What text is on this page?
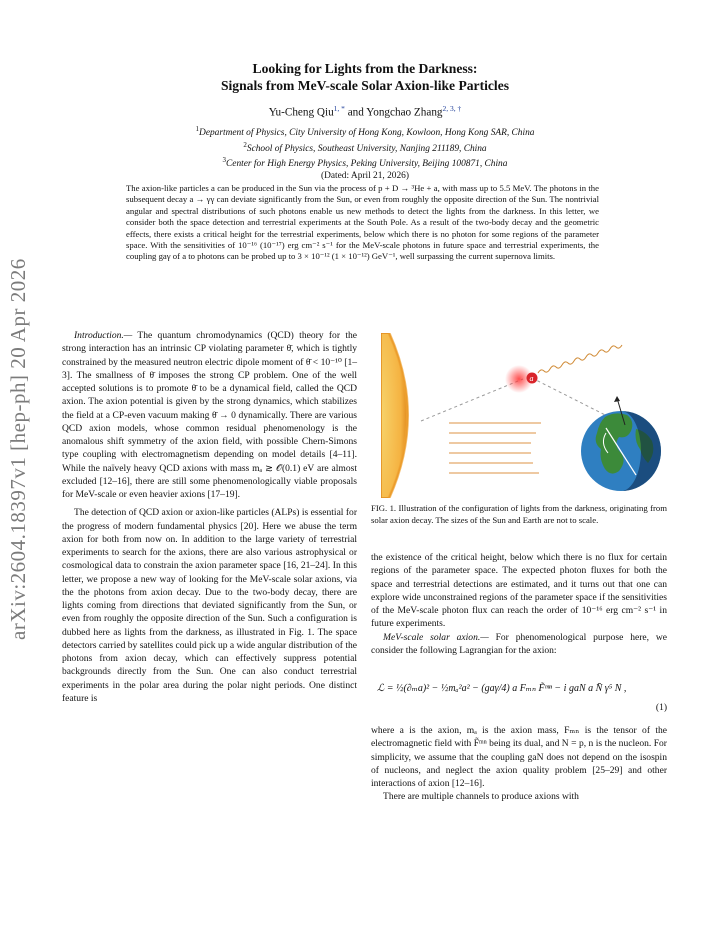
arXiv:2604.18397v1 [hep-ph] 20 Apr 2026
Looking for Lights from the Darkness:
Signals from MeV-scale Solar Axion-like Particles
Yu-Cheng Qiu$^{1, *}$ and Yongchao Zhang$^{2, 3, \dagger}$
$^1$Department of Physics, City University of Hong Kong, Kowloon, Hong Kong SAR, China
$^2$School of Physics, Southeast University, Nanjing 211189, China
$^3$Center for High Energy Physics, Peking University, Beijing 100871, China
(Dated: April 21, 2026)
The axion-like particles a can be produced in the Sun via the process of p + D → ³He + a, with mass up to 5.5 MeV. The photons in the subsequent decay a → γγ can deviate significantly from the Sun, or even from roughly the opposite direction of the Sun. The nontrivial angular and spectral distributions of such photons enable us new methods to detect the lights from the darkness. In this letter, we consider both the space detection and terrestrial experiments at the South Pole. As a result of the two-body decay and the geometric effects, there exists a critical height for the terrestrial experiments, below which there is no photon for some regions of the parameter space. With the sensitivities of 10⁻¹⁶ (10⁻¹⁷) erg cm⁻² s⁻¹ for the MeV-scale photons in future space and terrestrial experiments, the coupling gaγ of a to photons can be probed up to 3 × 10⁻¹² (1 × 10⁻¹²) GeV⁻¹, well surpassing the current supernova limits.

Introduction.— The quantum chromodynamics (QCD) theory for the strong interaction has an intrinsic CP violating parameter θ̄, which is tightly constrained by the measured neutron electric dipole moment of θ̄ < 10⁻¹⁰ [1–3]. The smallness of θ̄ imposes the strong CP problem. One of the well accepted solutions is to promote θ̄ to be a dynamical field, called the QCD axion. The axion potential is given by the strong dynamics, which stabilizes the field at a CP-even vacuum making θ̄ → 0 dynamically. There are various QCD axion models, whose common residual phenomenology is the anomalous shift symmetry of the axion field, with possible Chern-Simons type coupling with electromagnetism depending on model details [4–11]. While the naïvely heavy QCD axions with mass mₐ ≳ 𝒪(0.1) eV are almost excluded [12–16], there are still some phenomenologically viable proposals for MeV-scale or even heavier axions [17–19].

The detection of QCD axion or axion-like particles (ALPs) is essential for the progress of modern fundamental physics [20]. Here we abuse the term axion for both from now on. In addition to the large variety of terrestrial experiments to search for the axions, there are also various astrophysical or cosmological data to constrain the axion parameter space [16, 21–24]. In this letter, we propose a new way of looking for the MeV-scale solar axions, via the the photons from axion decay. Due to the two-body decay, there are lights coming from directions that deviated significantly from the Sun, or even from roughly the opposite direction of the Sun. Such a configuration is dubbed here as lights from the darkness, as illustrated in Fig. 1. The space detectors carried by satellites could pick up a wide angular distribution of the photons from axion decay, which can effectively suppress potential backgrounds directly from the Sun. One can also conduct terrestrial experiments in the polar area during the polar night periods. One distinct feature is

a
FIG. 1. Illustration of the configuration of lights from the darkness, originating from solar axion decay. The sizes of the Sun and Earth are not to scale.

the existence of the critical height, below which there is no flux for certain regions of the parameter space. The expected photon fluxes for both the space and terrestrial detections are estimated, and it turns out that one can explore wide unconstrained regions of the parameter space if the sensitivities of the MeV-scale photon flux can reach the order of 10⁻¹⁶ erg cm⁻² s⁻¹ in future experiments.

MeV-scale solar axion.— For phenomenological purpose here, we consider the following Lagrangian for the axion:

ℒ = ½(∂ₘa)² − ½mₐ²a² − (gaγ/4) a Fₘₙ F̃ᵐⁿ − i gaN a N̄ γ⁵ N ,
(1)

where a is the axion, mₐ is the axion mass, Fₘₙ is the tensor of the electromagnetic field with F̃ᵐⁿ being its dual, and N = p, n is the nucleon. For simplicity, we assume that the coupling gaN does not depend on the isospin of nucleons, and neglect the axion quality problem [25–29] and other interactions of axion [12–16].

There are multiple channels to produce axions with
